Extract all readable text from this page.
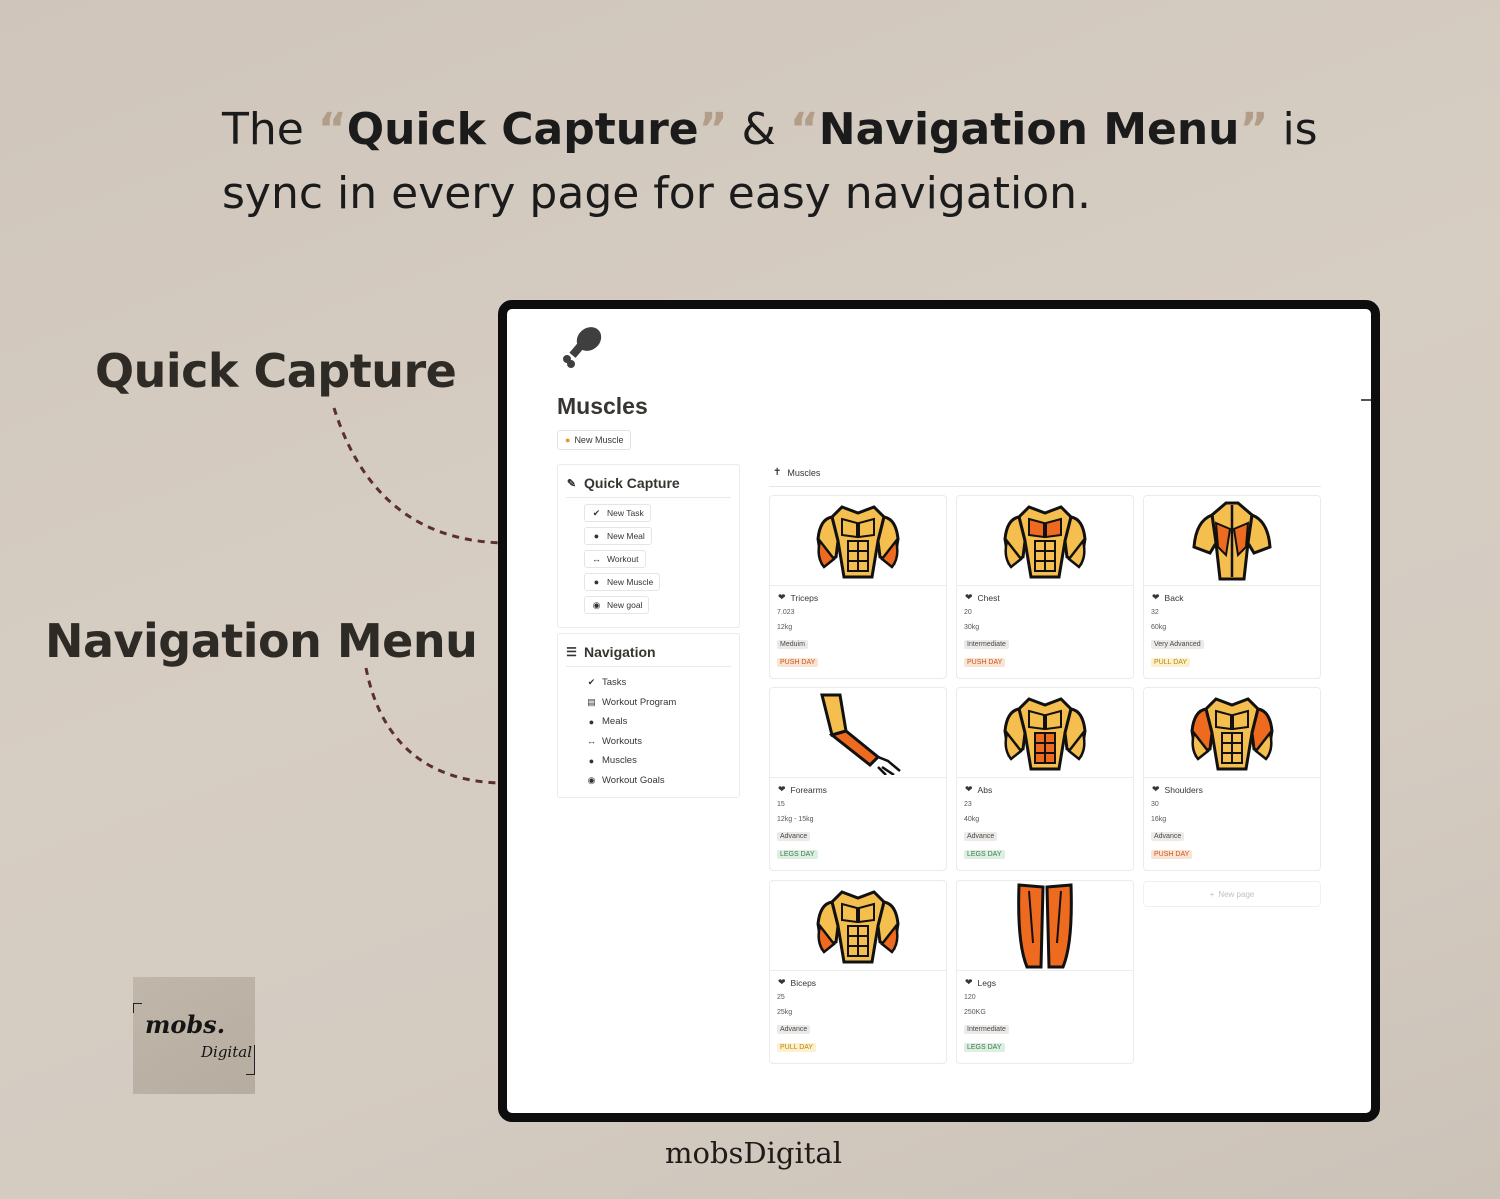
The “Quick Capture” & “Navigation Menu” is
sync in every page for easy navigation.
Quick Capture
Navigation Menu
Muscles
● New Muscle
✎ Quick Capture
✔ New Task
● New Meal
↔ Workout
● New Muscle
◉ New goal
☰ Navigation
✔ Tasks
▤ Workout Program
● Meals
↔ Workouts
● Muscles
◉ Workout Goals
✝ Muscles
❤ Triceps
7.023
12kg
Meduim
PUSH DAY
❤ Chest
20
30kg
Intermediate
PUSH DAY
❤ Back
32
60kg
Very Advanced
PULL DAY
❤ Forearms
15
12kg - 15kg
Advance
LEGS DAY
❤ Abs
23
40kg
Advance
LEGS DAY
❤ Shoulders
30
16kg
Advance
PUSH DAY
❤ Biceps
25
25kg
Advance
PULL DAY
❤ Legs
120
250KG
Intermediate
LEGS DAY
+ New page
mobs.
Digital
mobsDigital
